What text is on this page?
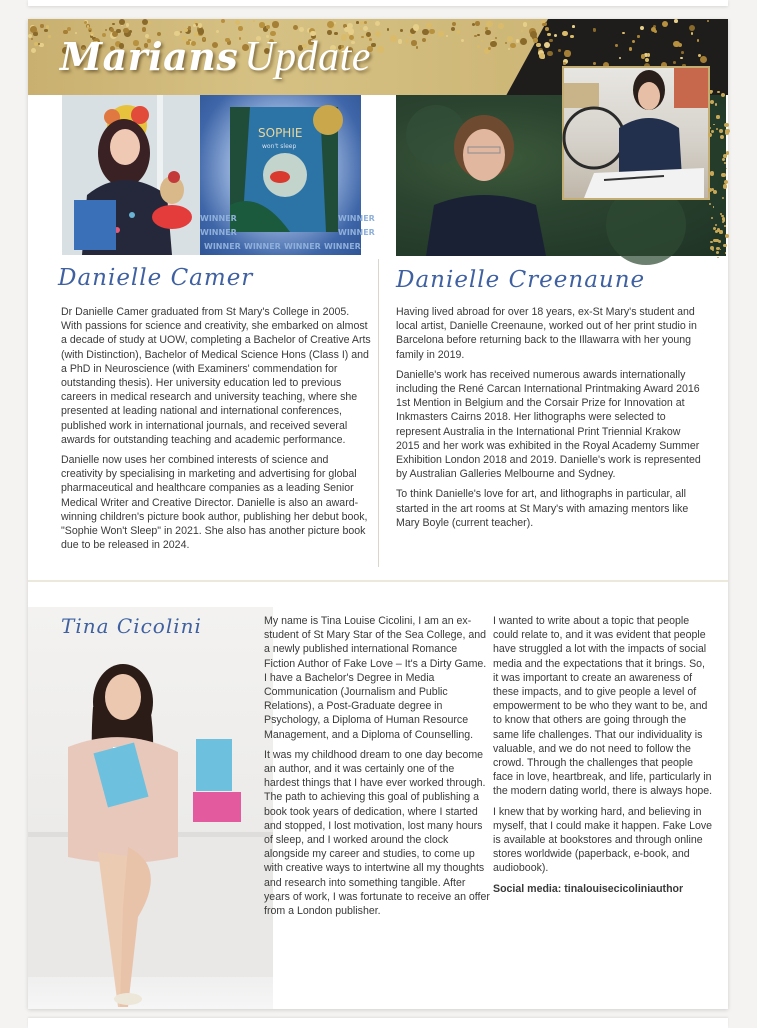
Marians Update
SOPHIE
won't sleep
WINNER
WINNER
WINNER
WINNER
WINNER WINNER WINNER WINNER
Danielle Camer

Dr Danielle Camer graduated from St Mary's College in 2005. With passions for science and creativity, she embarked on almost a decade of study at UOW, completing a Bachelor of Creative Arts (with Distinction), Bachelor of Medical Science Hons (Class I) and a PhD in Neuroscience (with Examiners' commendation for outstanding thesis). Her university education led to previous careers in medical research and university teaching, where she presented at leading national and international conferences, published work in international journals, and received several awards for outstanding teaching and academic performance.

Danielle now uses her combined interests of science and creativity by specialising in marketing and advertising for global pharmaceutical and healthcare companies as a leading Senior Medical Writer and Creative Director. Danielle is also an award-winning children's picture book author, publishing her debut book, "Sophie Won't Sleep" in 2021. She also has another picture book due to be released in 2024.

Danielle Creenaune

Having lived abroad for over 18 years, ex-St Mary's student and local artist, Danielle Creenaune, worked out of her print studio in Barcelona before returning back to the Illawarra with her young family in 2019.

Danielle's work has received numerous awards internationally including the René Carcan International Printmaking Award 2016 1st Mention in Belgium and the Corsair Prize for Innovation at Inkmasters Cairns 2018. Her lithographs were selected to represent Australia in the International Print Triennial Krakow 2015 and her work was exhibited in the Royal Academy Summer Exhibition London 2018 and 2019. Danielle's work is represented by Australian Galleries Melbourne and Sydney.

To think Danielle's love for art, and lithographs in particular, all started in the art rooms at St Mary's with amazing mentors like Mary Boyle (current teacher).

Tina Cicolini	My name is Tina Louise Cicolini, I am an ex-student of St Mary Star of the Sea College, and a newly published international Romance Fiction Author of Fake Love – It's a Dirty Game. I have a Bachelor's Degree in Media Communication (Journalism and Public Relations), a Post-Graduate degree in Psychology, a Diploma of Human Resource Management, and a Diploma of Counselling.

It was my childhood dream to one day become an author, and it was certainly one of the hardest things that I have ever worked through. The path to achieving this goal of publishing a book took years of dedication, where I started and stopped, I lost motivation, lost many hours of sleep, and I worked around the clock alongside my career and studies, to come up with creative ways to intertwine all my thoughts and research into something tangible. After years of work, I was fortunate to receive an offer from a London publisher.

I wanted to write about a topic that people could relate to, and it was evident that people have struggled a lot with the impacts of social media and the expectations that it brings. So, it was important to create an awareness of these impacts, and to give people a level of empowerment to be who they want to be, and to know that others are going through the same life challenges. That our individuality is valuable, and we do not need to follow the crowd. Through the challenges that people face in love, heartbreak, and life, particularly in the modern dating world, there is always hope.

I knew that by working hard, and believing in myself, that I could make it happen. Fake Love is available at bookstores and through online stores worldwide (paperback, e-book, and audiobook).

Social media: tinalouisecicoliniauthor
